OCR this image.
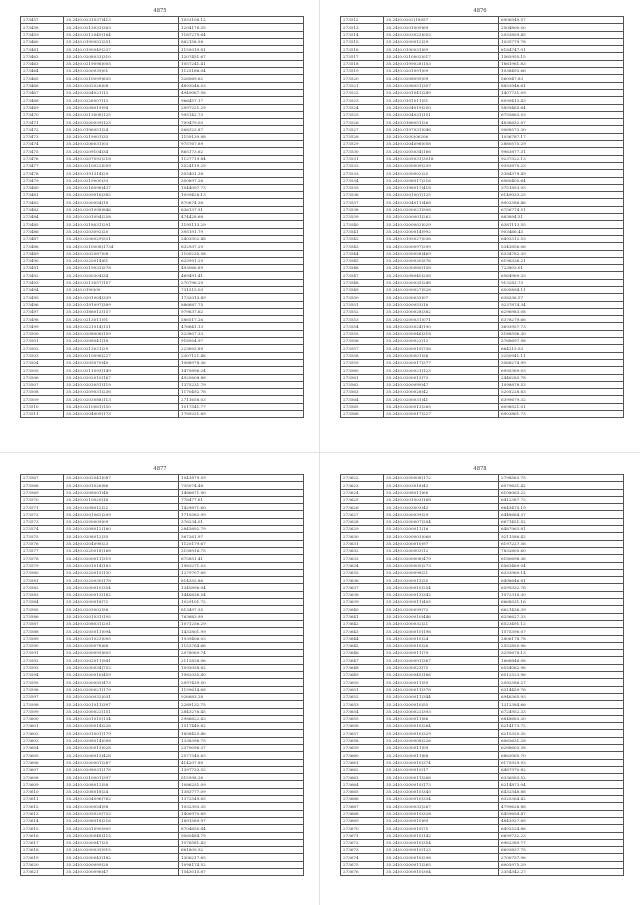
4875
273457	35.24(0.0231037)413	1053106.12
273458	35.24(0.0213033)363	1204176.35
273459	35.24(0.0212049)164	1187279.64
273460	35.24(0.0190052)251	862158.58
273461	35.24(0.0190049)237	1155019.81
273462	35.24(0.0208033)310	1207451.67
273463	35.24(0.0219096)005	1057241.41
273464	35.24(0.0200039)01	1125166.04
273465	35.24(0.0210099)635	326069.62
273466	35.24(0.0202026)08	4893046.03
273467	35.24(0.0204021)13	4949067.58
273468	35.24(0.0226007)13	966457.17
273469	35.24(0.0208019)94	2997221.29
273470	35.24(0.0213008)125	995142.73
273471	35.24(0.0200039)123	709479.03
273472	35.24(0.0196051)24	568323.87
273473	35.24(0.0219001)33	1159139.88
273474	35.24(0.0206031)03	975767.89
273475	35.24(0.0209104)34	865173.62
273476	35.24(0.0207093)218	1127719.84
273477	35.24(0.0210022)059	3524119.29
273478	35.24(0.0191314)29	355401.38
273479	35.24(0.0219000)33	350897.26
273480	35.24(0.0216096)437	1044097.73
273481	35.24(0.0209016)382	1059428.13
273482	35.24(0.0200054)18	870674.36
273483	35.24(0.0201098)846	836137.91
273484	35.24(0.0201094)258	474428.68
273485	35.24(0.0218031)291	1195113.29
273486	35.24(0.0203092)20	395191.79
273487	35.24(0.0206029)531	2403502.48
273488	35.24(0.0210008)1734	832937.29
273489	35.24(0.0202087)08	1100235.58
273490	35.24(0.0220014)61	625991.29
273491	35.24(0.0219033)578	493066.89
273492	35.24(0.0200304)34	469491.41
273493	35.24(0.0213057)157	270796.29
273494	35.24(0.0190)09	731515.03
273495	35.24(0.0201004)339	1732013.49
273496	35.24(0.0191097)389	886687.75
273497	35.24(0.0186012)157	979637.62
273498	35.24(0.0213011)91	586517.26
273499	35.24(0.0221014)151	476641.13
273500	35.24(0.0208006)159	323807.33
273501	35.24(0.0208041)18	918954.97
273502	35.24(0.0213021)29	223693.89
273503	35.24(0.0210096)227	2307121.46
273504	35.24(0.0205070)40	1088978.36
273505	35.24(0.0211093)149	1470896.24
273506	35.24(0.0202010)167	4925608.88
273507	35.24(0.0203051)119	1375231.79
273508	35.24(0.0209031)236	1170492.78
273509	35.24(0.0203088)113	2711658.03
273510	35.24(0.0210081)150	1017541.77
273511	35.24(0.0204009)173	1789251.89
4876
273512	35.24(0.0202)18057	6906549.57
273513	35.24(0.0201009)69	2504800.50
273514	35.24(0.0203023)052	2053859.45
273515	35.24(0.0200012)29	1035779.78
273516	35.24(0.0190031)69	8184747.91
273517	35.24(0.0210002)017	1565955.15
273518	35.24(0.0199028)103	1881961.83
273519	35.24(0.0201091)09	1038493.66
273520	35.24(0.0208095)09	560947.83
273521	35.24(0.0206051)307	8853946.61
273522	35.24(0.0201041)249	1407731.09
273523	35.24(0.0191011)51	8099413.43
273524	35.24(0.0204019)250	5859465.64
273525	35.24(0.0204031)151	6755863.53
273526	35.24(0.0186051)26	4836632.07
273527	35.24(0.0197031)046	9068573.30
273528	35.24(0.0200)06206	1036787.17
273529	35.24(0.0204096)058	2880575.29
273530	35.24(0.0205034)166	9963877.31
273531	35.24(0.0205031)3018	9237522.13
273532	35.24(0.0200009)239	9393875.23
273533	35.24(0.0200002)25	3384379.49
273534	35.24(0.0206017)216	6960405.64
273535	35.24(0.0198017)418	3751853.93
273536	35.24(0.0201001)125	6149033.25
273537	35.24(0.0204011)468	8902586.46
273538	35.24(0.0200021)508	6756774.51
273539	35.24(0.0200001)262	883894.51
273540	35.24(0.0200002)029	6381113.55
273541	35.24(0.0200014)992	903466.43
273542	35.24(0.0193027)036	6493312.53
273543	35.24(0.0200097)299	5343856.06
273544	35.24(0.0200058)469	6334782.39
273545	35.24(0.0200030)576	6196336.21
273546	35.24(0.0200080)158	723803.01
273547	35.24(0.0208040)258	6564969.33
273548	35.24(0.0200035)248	913283.73
273549	35.24(0.0200027)528	6505894.11
273550	35.24(0.0200033)07	638336.57
273551	35.24(0.0200053)16	9237874.34
273552	35.24(0.0200028)382	6296983.08
273553	35.24(0.0200031)071	6378279.66
273554	35.24(0.0203024)190	3693957.73
273555	35.24(0.0200046)318	3188596.30
273556	35.24(0.0200022)12	5768697.98
273557	35.24(0.0200010)736	664215.53
273558	35.24(0.0200001)58	3250941.11
273559	35.24(0.0200017)377	3568274.99
273560	35.24(0.0200021)123	6995369.03
273561	35.24(0.0200013)73	2446285.78
273562	35.24(0.0200099)47	1098878.53
273563	35.24(0.0200028)42	5205228.83
273564	35.24(0.0200031)41	6399679.32
273565	35.24(0.0200013)265	6098521.01
273566	35.24(0.0200017)227	6903861.73
4877
273567	35.24(0.0202041)087	1041879.59
273568	35.24(0.0201026)86	735074.48
273569	35.24(0.0208001)48	1486671.90
273570	35.24(0.0210020)16	778477.61
273571	35.24(0.0208012)22	1429871.60
273572	35.24(0.0201062)209	1719382.99
273573	35.24(0.0200009)09	376234.01
273574	35.24(0.0208012)160	2843892.79
273575	35.24(0.0208012)35	567261.97
273576	35.24(0.0204098)23	1120179.67
273577	35.24(0.0220018)168	2158916.75
273578	35.24(0.0200011)319	875851.41
273579	35.24(0.0201014)183	1983271.03
273580	35.24(0.0220015)130	1279707.89
273581	35.24(0.0220030)178	814352.86
273582	35.24(0.0200010)354	1345896.04
273583	35.24(0.0200013)182	1446836.54
273584	35.24(0.0200018)72	1029101.72
273585	35.24(0.0203002)58	813497.55
273586	35.24(0.0201031)195	763683.99
273587	35.24(0.0208031)201	1071256.29
273588	35.24(0.0205011)094	1432801.99
273589	35.24(0.0201023)005	1939406.03
273590	35.24(0.0200078)68	1153764.66
273591	35.24(0.0200095)605	2078069.74
273592	35.24(0.0202011)941	2112828.06
273593	35.24(0.0200034)752	1093058.82
273594	35.24(0.0200016)459	1982035.40
273595	35.24(0.0200055)473	2097439.50
273596	35.24(0.0200021)179	1159614.68
273597	35.24(0.0200032)031	926683.28
273598	35.24(0.0201011)397	2289132.75
273599	35.24(0.0200022)151	2843276.45
273600	35.24(0.0201010)134	2986622.43
273601	35.24(0.0200014)226	1517440.82
273602	35.24(0.0201001)179	1858425.46
273603	35.24(0.0208014)008	1338396.75
273604	35.24(0.0200013)028	2370096.37
273605	35.24(0.0206013)428	2577340.83
273606	35.24(0.0200001)287	414207.89
273607	35.24(0.0208031)178	1397733.52
273608	35.24(0.0210001)397	515598.26
273609	35.24(0.0208012)58	1086251.09
273610	35.24(0.0208018)24	1383777.09
273611	35.24(0.0204096)762	1372549.85
273612	35.24(0.0200054)98	1032393.35
273613	35.24(0.0205020)732	1406970.89
273614	35.24(0.0206018)216	1691589.97
273615	35.24(0.0201090)905	8704650.44
273616	35.24(0.0200048)115	9565484.79
273617	35.24(0.0200047)25	1576581.43
273618	35.24(0.0200035)915	661809.52
273619	35.24(0.0200043)182	1306217.65
273620	35.24(0.0200099)28	1098174.52
273621	35.24(0.0200096)47	1543015.87
4878
273622	35.24(0.0200008)172	2798563.75
273623	35.24(0.0203018)43	6079631.42
273624	35.24(0.0208011)68	6108063.22
273625	35.24(0.0201003)168	6412387.72
273626	35.24(0.0203003)43	6643475.19
273627	35.24(0.0200039)29	6448664.37
273628	35.24(0.0200007)204	6671451.52
273629	35.24(0.0200011)16	6487963.81
273630	35.24(0.0200003)068	9211586.42
273631	35.24(0.0200010)97	6197227.36
273632	35.24(0.0200003)12	7832605.60
273633	35.24(0.0200008)479	6180698.36
273634	35.24(0.0200005)273	6563460.04
273635	35.24(0.0200098)21	6333969.14
273636	35.24(0.0200013)25	6498646.81
273637	35.24(0.0200010)254	6599332.76
273638	35.24(0.0200013)342	1572310.30
273639	35.24(0.0200011)405	6668531.16
273640	35.24(0.0200099)72	6621436.39
273641	35.24(0.0200010)446	6256627.33
273642	35.24(0.0200032)21	6523491.12
273643	35.24(0.0200010)198	1575396.07
273644	35.24(0.0200010)24	2806178.78
273645	35.24(0.0200010)26	2552855.96
273646	35.24(0.0200011)79	3295678.13
273647	35.24(0.0200091)367	1668846.08
273648	35.24(0.0200023)75	6554062.96
273649	35.24(0.0200045)166	6512523.96
273650	35.24(0.0200011)59	2092586.27
273651	35.24(0.0200011)378	6314459.76
273652	35.24(0.0200011)344	6946365.93
273653	35.24(0.0200010)55	1312384.66
273654	35.24(0.0200022)393	6724952.33
273655	35.24(0.0200011)86	6848683.30
273656	35.24(0.0200010)264	6214173.72
273657	35.24(0.0200010)329	6215320.35
273658	35.24(0.0200008)226	6063631.28
273659	35.24(0.0200011)09	6288603.38
273660	35.24(0.0200011)68	6863065.70
273661	35.24(0.0200010)374	6175929.93
273662	35.24(0.0200010)17	6487970.82
273663	35.24(0.0200011)268	6336583.52
273664	35.24(0.0200010)173	6214873.04
273665	35.24(0.0200010)345	6432548.88
273666	35.24(0.0200010)334	6325364.42
273667	35.24(0.0200033)267	4799628.88
273668	35.24(0.0200010)328	6459694.47
273669	35.24(0.0200010)69	4843927.89
273670	35.24(0.0200010)75	6492524.86
273671	35.24(0.0200010)142	6699732.23
273672	35.24(0.0200010)354	6962389.77
273673	35.24(0.0200010)123	6693837.75
273674	35.24(0.0200010)298	2700757.96
273675	35.24(0.0200011)265	6005975.29
273676	35.24(0.0200010)304	2354342.27
